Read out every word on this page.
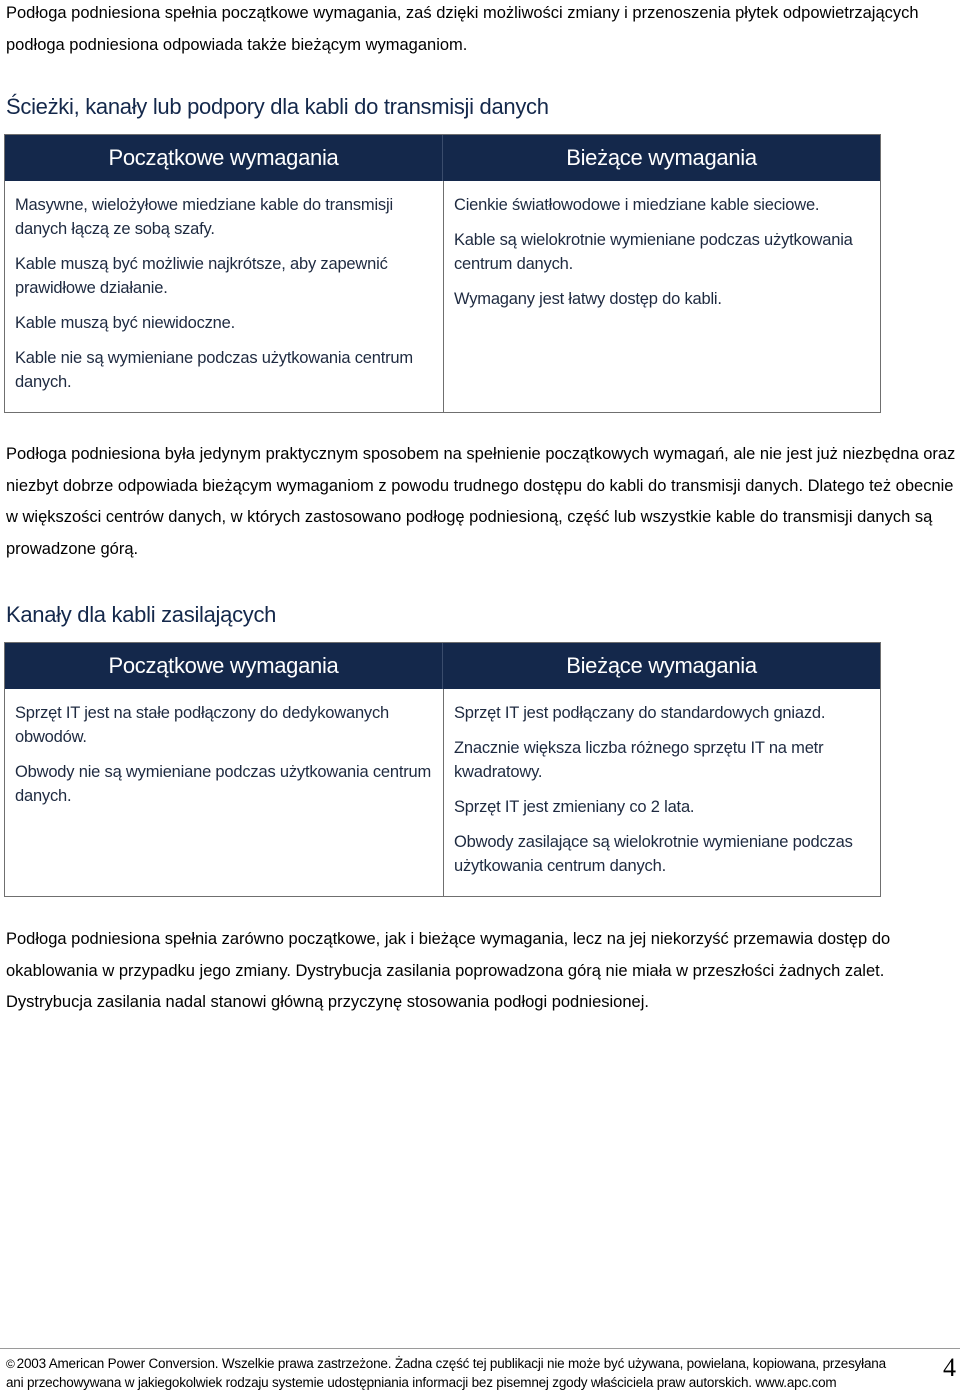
Podłoga podniesiona spełnia początkowe wymagania, zaś dzięki możliwości zmiany i przenoszenia płytek odpowietrzających podłoga podniesiona odpowiada także bieżącym wymaganiom.

Ścieżki, kanały lub podpory dla kabli do transmisji danych
Początkowe wymagania	Bieżące wymagania

Masywne, wielożyłowe miedziane kable do transmisji danych łączą ze sobą szafy.

Kable muszą być możliwie najkrótsze, aby zapewnić prawidłowe działanie.

Kable muszą być niewidoczne.

Kable nie są wymieniane podczas użytkowania centrum danych.

Cienkie światłowodowe i miedziane kable sieciowe.

Kable są wielokrotnie wymieniane podczas użytkowania centrum danych.

Wymagany jest łatwy dostęp do kabli.

Podłoga podniesiona była jedynym praktycznym sposobem na spełnienie początkowych wymagań, ale nie jest już niezbędna oraz niezbyt dobrze odpowiada bieżącym wymaganiom z powodu trudnego dostępu do kabli do transmisji danych. Dlatego też obecnie w większości centrów danych, w których zastosowano podłogę podniesioną, część lub wszystkie kable do transmisji danych są prowadzone górą.

Kanały dla kabli zasilających
Początkowe wymagania	Bieżące wymagania

Sprzęt IT jest na stałe podłączony do dedykowanych obwodów.

Obwody nie są wymieniane podczas użytkowania centrum danych.

Sprzęt IT jest podłączany do standardowych gniazd.

Znacznie większa liczba różnego sprzętu IT na metr kwadratowy.

Sprzęt IT jest zmieniany co 2 lata.

Obwody zasilające są wielokrotnie wymieniane podczas użytkowania centrum danych.

Podłoga podniesiona spełnia zarówno początkowe, jak i bieżące wymagania, lecz na jej niekorzyść przemawia dostęp do okablowania w przypadku jego zmiany. Dystrybucja zasilania poprowadzona górą nie miała w przeszłości żadnych zalet. Dystrybucja zasilania nadal stanowi główną przyczynę stosowania podłogi podniesionej.

© 2003 American Power Conversion. Wszelkie prawa zastrzeżone. Żadna część tej publikacji nie może być używana, powielana, kopiowana, przesyłana
ani przechowywana w jakiegokolwiek rodzaju systemie udostępniania informacji bez pisemnej zgody właściciela praw autorskich. www.apc.com
4
